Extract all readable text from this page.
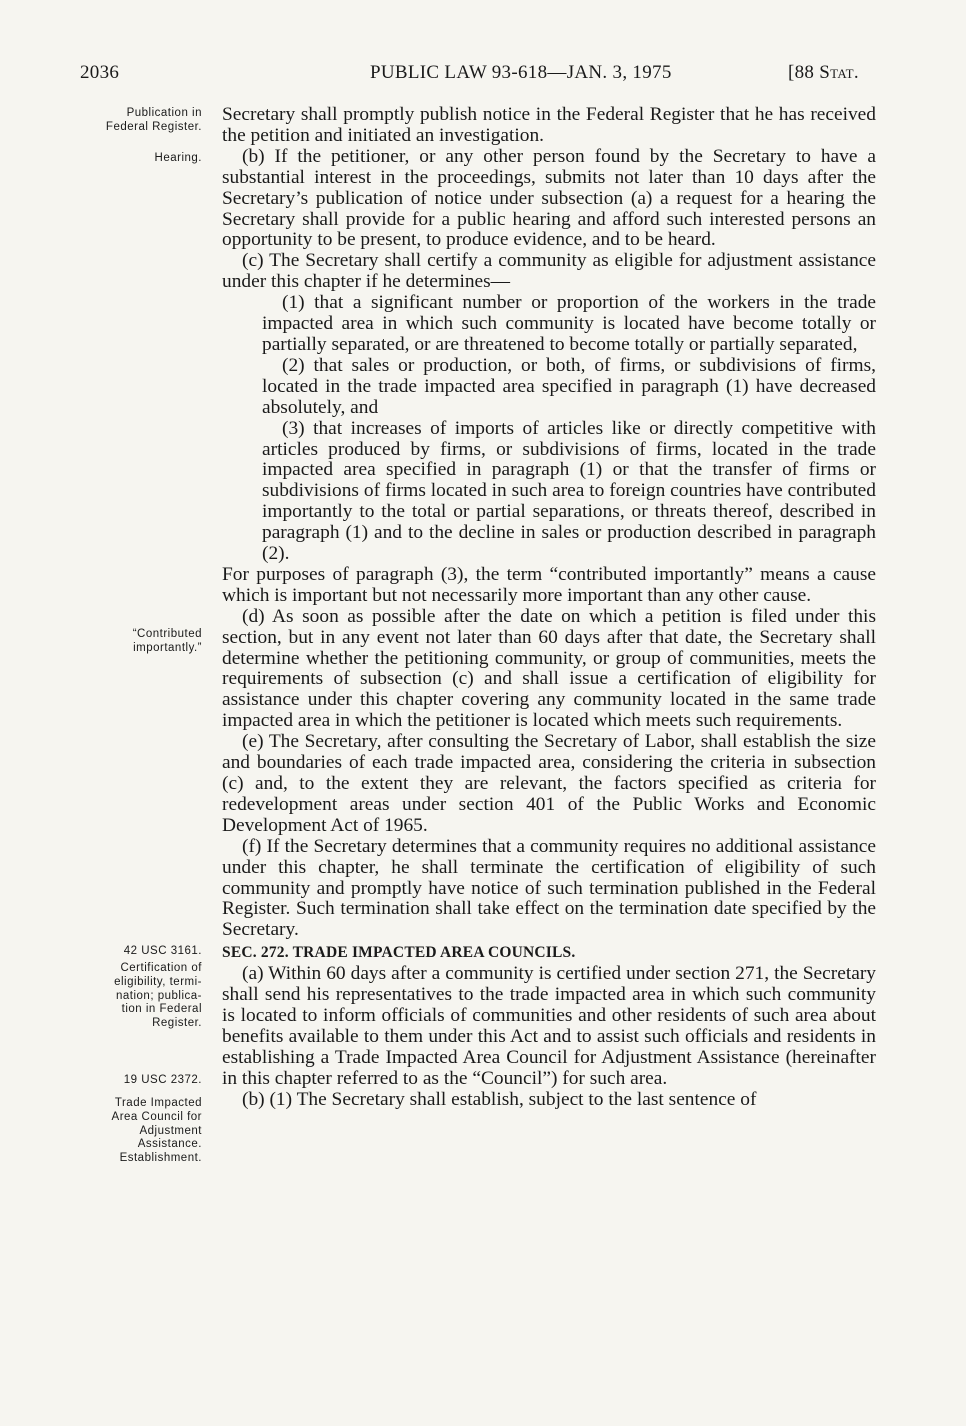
2036	PUBLIC LAW 93-618—JAN. 3, 1975	[88 Stat.
Publication in
Federal Register.
Hearing.
“Contributed
importantly.”
42 USC 3161.
Certification of
eligibility, termi-
nation; publica-
tion in Federal
Register.
19 USC 2372.
Trade Impacted
Area Council for
Adjustment
Assistance.
Establishment.

Secretary shall promptly publish notice in the Federal Register that he has received the petition and initiated an investigation.

(b) If the petitioner, or any other person found by the Secretary to have a substantial interest in the proceedings, submits not later than 10 days after the Secretary’s publication of notice under subsection (a) a request for a hearing the Secretary shall provide for a public hearing and afford such interested persons an opportunity to be present, to produce evidence, and to be heard.

(c) The Secretary shall certify a community as eligible for adjustment assistance under this chapter if he determines—

(1) that a significant number or proportion of the workers in the trade impacted area in which such community is located have become totally or partially separated, or are threatened to become totally or partially separated,

(2) that sales or production, or both, of firms, or subdivisions of firms, located in the trade impacted area specified in paragraph (1) have decreased absolutely, and

(3) that increases of imports of articles like or directly competitive with articles produced by firms, or subdivisions of firms, located in the trade impacted area specified in paragraph (1) or that the transfer of firms or subdivisions of firms located in such area to foreign countries have contributed importantly to the total or partial separations, or threats thereof, described in paragraph (1) and to the decline in sales or production described in paragraph (2).

For purposes of paragraph (3), the term “contributed importantly” means a cause which is important but not necessarily more important than any other cause.

(d) As soon as possible after the date on which a petition is filed under this section, but in any event not later than 60 days after that date, the Secretary shall determine whether the petitioning community, or group of communities, meets the requirements of subsection (c) and shall issue a certification of eligibility for assistance under this chapter covering any community located in the same trade impacted area in which the petitioner is located which meets such requirements.

(e) The Secretary, after consulting the Secretary of Labor, shall establish the size and boundaries of each trade impacted area, considering the criteria in subsection (c) and, to the extent they are relevant, the factors specified as criteria for redevelopment areas under section 401 of the Public Works and Economic Development Act of 1965.

(f) If the Secretary determines that a community requires no additional assistance under this chapter, he shall terminate the certification of eligibility of such community and promptly have notice of such termination published in the Federal Register. Such termination shall take effect on the termination date specified by the Secretary.

SEC. 272. TRADE IMPACTED AREA COUNCILS.

(a) Within 60 days after a community is certified under section 271, the Secretary shall send his representatives to the trade impacted area in which such community is located to inform officials of communities and other residents of such area about benefits available to them under this Act and to assist such officials and residents in establishing a Trade Impacted Area Council for Adjustment Assistance (hereinafter in this chapter referred to as the “Council”) for such area.

(b) (1) The Secretary shall establish, subject to the last sentence of
